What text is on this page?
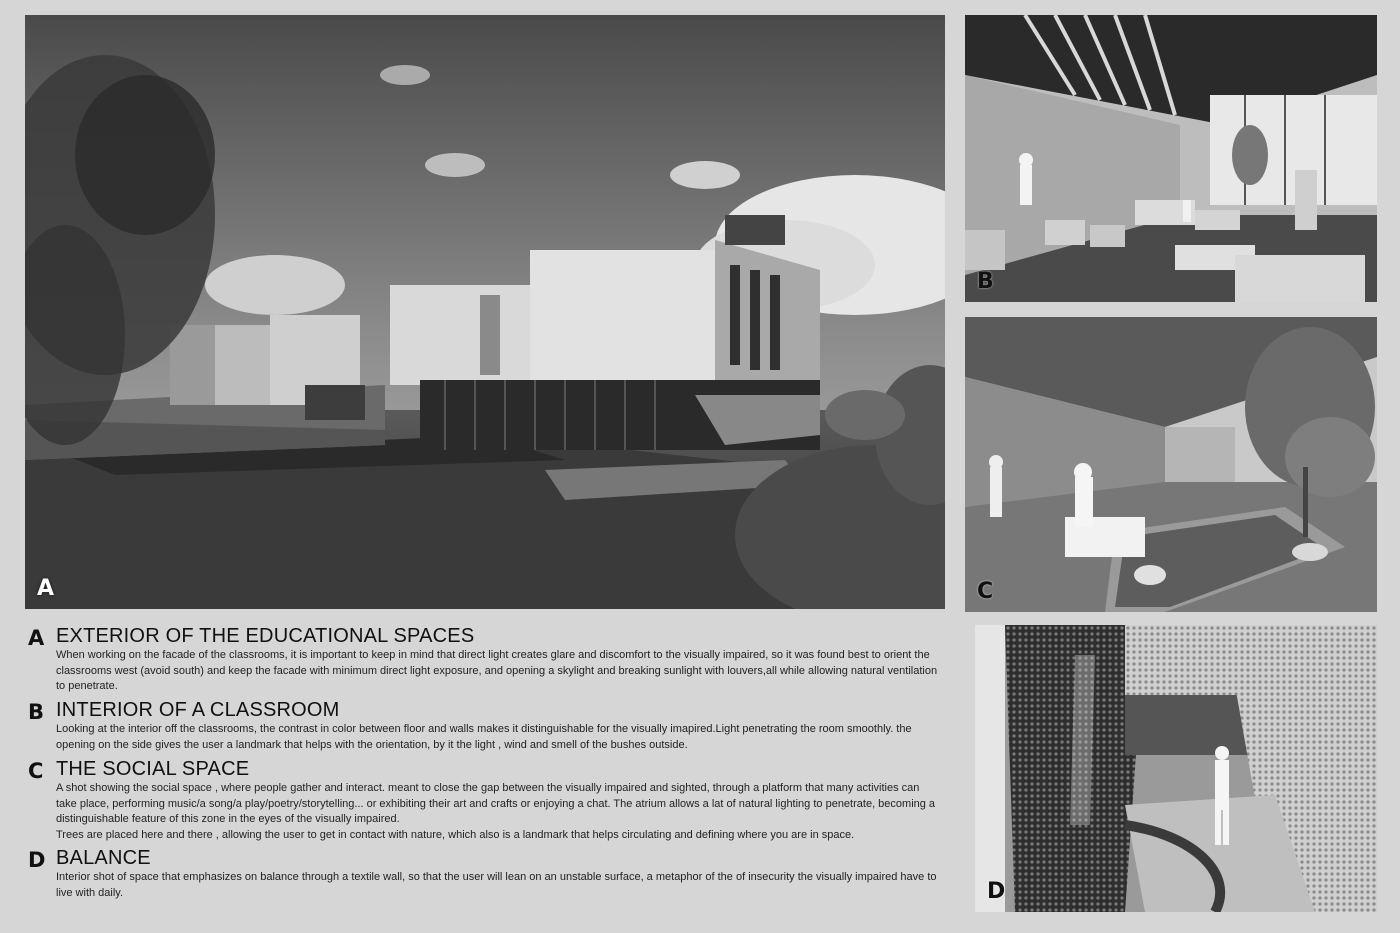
A
B
C
D
A EXTERIOR OF THE EDUCATIONAL SPACES
When working on the facade of the classrooms, it is important to keep in mind that direct light creates glare and discomfort to the visually impaired, so it was found best to orient the classrooms west (avoid south) and keep the facade with minimum direct light exposure, and opening a skylight and breaking sunlight with louvers,all while allowing natural ventilation to penetrate.
B INTERIOR OF A CLASSROOM
Looking at the interior off the classrooms, the contrast in color between floor and walls makes it distinguishable for the visually imapired.Light penetrating the room smoothly. the opening on the side gives the user a landmark that helps with the orientation, by it the light , wind and smell of the bushes outside.
C THE SOCIAL SPACE
A shot showing the social space , where people gather and interact. meant to close the gap between the visually impaired and sighted, through a platform that many activities can take place, performing music/a song/a play/poetry/storytelling... or exhibiting their art and crafts or enjoying a chat. The atrium allows a lat of natural lighting to penetrate, becoming a distinguishable feature of this zone in the eyes of the visually impaired.
Trees are placed here and there , allowing the user to get in contact with nature, which also is a landmark that helps circulating and defining where you are in space.
D BALANCE
Interior shot of space that emphasizes on balance through a textile wall, so that the user will lean on an unstable surface, a metaphor of the of insecurity the visually impaired have to live with daily.
